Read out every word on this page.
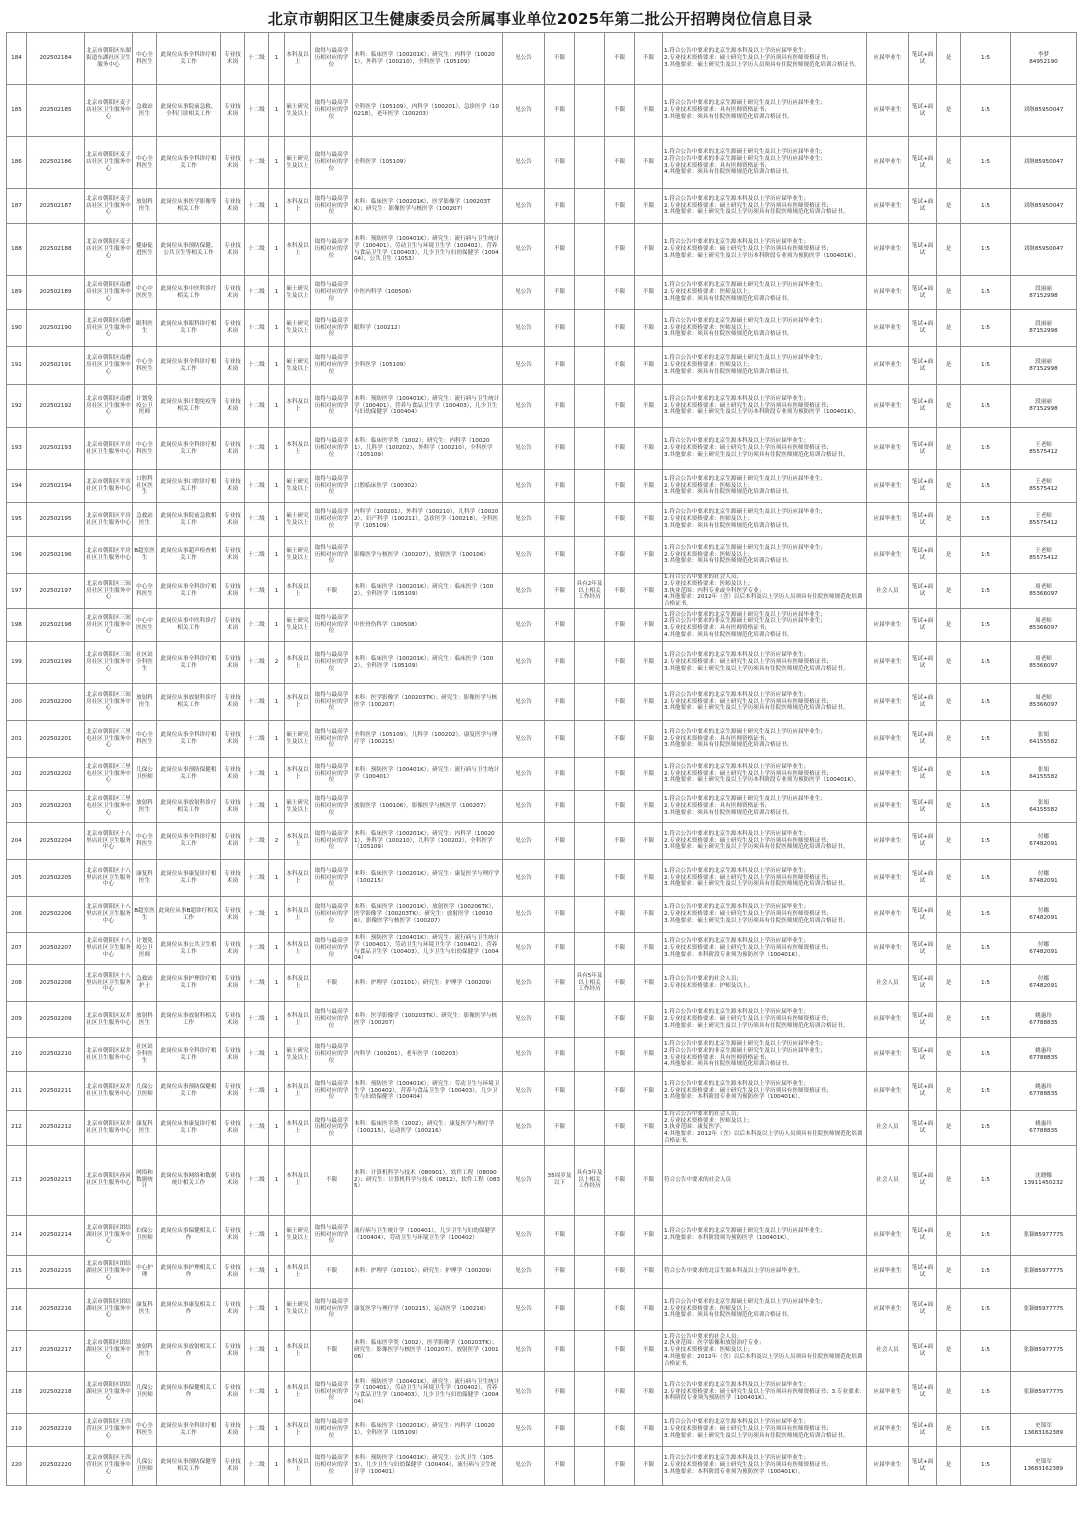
北京市朝阳区卫生健康委员会所属事业单位2025年第二批公开招聘岗位信息目录
184	202502184	北京市朝阳区东湖街道东湖社区卫生服务中心	中心全科医生	此岗位从事全科诊疗相关工作	专业技术岗	十二级	1	本科及以上	取得与最高学历相对应的学位	本科：临床医学（100201K）；研究生：内科学（100201），外科学（100210），全科医学（105109）	见公告	不限		不限	不限	1.符合公告中要求的北京生源本科及以上学历应届毕业生；
2.专业技术资格要求：硕士研究生及以上学历须具有医师资格证书；
3.其他要求：硕士研究生及以上学历人员须具有住院医师规范化培训合格证书。	应届毕业生	笔试+面试	是	1:5	李梦
84952190
185	202502185	北京市朝阳区麦子店社区卫生服务中心	急救站医生	此岗位从事院前急救、全科门诊相关工作	专业技术岗	十二级	1	硕士研究生及以上	取得与最高学历相对应的学位	全科医学（105109），内科学（100201），急诊医学（100218），老年医学（100203）	见公告	不限		不限	不限	1.符合公告中要求的北京生源硕士研究生及以上学历应届毕业生；
2.专业技术资格要求：具有医师资格证书；
3.其他要求：须具有住院医师规范化培训合格证书。	应届毕业生	笔试+面试	是	1:5	刘继85950047
186	202502186	北京市朝阳区麦子店社区卫生服务中心	中心全科医生	此岗位从事全科诊疗相关工作	专业技术岗	十二级	1	硕士研究生及以上	取得与最高学历相对应的学位	全科医学（105109）	见公告	不限		不限	不限	1.符合公告中要求的北京生源硕士研究生及以上学历应届毕业生；
2.符合公告中要求的非京生源硕士研究生及以上学历应届毕业生；
3.专业技术资格要求：具有医师资格证书；
4.其他要求：须具有住院医师规范化培训合格证书。	应届毕业生	笔试+面试	是	1:5	刘继85950047
187	202502187	北京市朝阳区麦子店社区卫生服务中心	放射科医生	此岗位从事医学影像等相关工作	专业技术岗	十二级	1	本科及以上	取得与最高学历相对应的学位	本科：临床医学（100201K），医学影像学（100203TK）；研究生：影像医学与核医学（100207）	见公告	不限		不限	不限	1.符合公告中要求的北京生源本科及以上学历应届毕业生；
2.专业技术资格要求：硕士研究生及以上学历须具有医师资格证书；
3.其他要求：硕士研究生及以上学历须具有住院医师规范化培训合格证书。	应届毕业生	笔试+面试	是	1:5	刘继85950047
188	202502188	北京市朝阳区麦子店社区卫生服务中心	健康促进医生	此岗位从事预防保健、公共卫生等相关工作	专业技术岗	十二级	1	本科及以上	取得与最高学历相对应的学位	本科：预防医学（100401K）；研究生：流行病与卫生统计学（100401），劳动卫生与环境卫生学（100402），营养与食品卫生学（100403），儿少卫生与妇幼保健学（100404），公共卫生（1053）	见公告	不限		不限	不限	1.符合公告中要求的北京生源本科及以上学历应届毕业生；
2.专业技术资格要求：硕士研究生及以上学历须具有医师资格证书；
3.其他要求：硕士研究生及以上学历本科阶段专业须为预防医学（100401K）。	应届毕业生	笔试+面试	是	1:5	刘继85950047
189	202502189	北京市朝阳区南磨房社区卫生服务中心	中心中医医生	此岗位从事中医科诊疗相关工作	专业技术岗	十二级	1	硕士研究生及以上	取得与最高学历相对应的学位	中医内科学（100506）	见公告	不限		不限	不限	1.符合公告中要求的北京生源硕士研究生及以上学历应届毕业生；
2.专业技术资格要求：医师及以上；
3.其他要求：须具有住院医师规范化培训合格证书。	应届毕业生	笔试+面试	是	1:5	段丽丽
87152998
190	202502190	北京市朝阳区南磨房社区卫生服务中心	眼科医生	此岗位从事眼科诊疗相关工作	专业技术岗	十二级	1	硕士研究生及以上	取得与最高学历相对应的学位	眼科学（100212）	见公告	不限		不限	不限	1.符合公告中要求的北京生源硕士研究生及以上学历应届毕业生；
2.专业技术资格要求：医师及以上；
3.其他要求：须具有住院医师规范化培训合格证书。	应届毕业生	笔试+面试	是	1:5	段丽丽
87152998
191	202502191	北京市朝阳区南磨房社区卫生服务中心	中心全科医生	此岗位从事全科诊疗相关工作	专业技术岗	十二级	1	硕士研究生及以上	取得与最高学历相对应的学位	全科医学（105109）	见公告	不限		不限	不限	1.符合公告中要求的北京生源硕士研究生及以上学历应届毕业生；
2.专业技术资格要求：医师及以上；
3.其他要求：须具有住院医师规范化培训合格证书。	应届毕业生	笔试+面试	是	1:5	段丽丽
87152998
192	202502192	北京市朝阳区南磨房社区卫生服务中心	计划免疫公卫医师	此岗位从事计划免疫等相关工作	专业技术岗	十二级	1	本科及以上	取得与最高学历相对应的学位	本科：预防医学（100401K）；研究生：流行病与卫生统计学（100401），营养与食品卫生学（100403），儿少卫生与妇幼保健学（100404）	见公告	不限		不限	不限	1.符合公告中要求的北京生源本科及以上学历应届毕业生；
2.专业技术资格要求：硕士研究生及以上学历须具有医师资格证书；
3.其他要求：硕士研究生及以上学历本科阶段专业须为预防医学（100401K）。	应届毕业生	笔试+面试	是	1:5	段丽丽
87152998
193	202502193	北京市朝阳区平房社区卫生服务中心	中心全科医生	此岗位从事全科诊疗相关工作	专业技术岗	十二级	1	本科及以上	取得与最高学历相对应的学位	本科：临床医学类（1002）；研究生：内科学（100201），儿科学（100202），外科学（100210），全科医学（105109）	见公告	不限		不限	不限	1.符合公告中要求的北京生源本科及以上学历应届毕业生；
2.专业技术资格要求：硕士研究生及以上学历须具有医师资格证书；
3.其他要求：硕士研究生及以上学历须具有住院医师规范化培训合格证书。	应届毕业生	笔试+面试	是	1:5	王老师
85575412
194	202502194	北京市朝阳区平房社区卫生服务中心	口腔科社区医生	此岗位从事口腔诊疗相关工作	专业技术岗	十二级	1	硕士研究生及以上	取得与最高学历相对应的学位	口腔临床医学（100302）	见公告	不限		不限	不限	1.符合公告中要求的北京生源硕士研究生及以上学历应届毕业生；
2.专业技术资格要求：医师及以上；
3.其他要求：须具有住院医师规范化培训合格证书。	应届毕业生	笔试+面试	是	1:5	王老师
85575412
195	202502195	北京市朝阳区平房社区卫生服务中心	急救站医生	此岗位从事院前急救相关工作	专业技术岗	十二级	1	硕士研究生及以上	取得与最高学历相对应的学位	内科学（100201），外科学（100210），儿科学（100202），妇产科学（100211），急诊医学（100218），全科医学（105109）	见公告	不限		不限	不限	1.符合公告中要求的北京生源硕士研究生及以上学历应届毕业生；
2.专业技术资格要求：医师及以上；
3.其他要求：须具有住院医师规范化培训合格证书。	应届毕业生	笔试+面试	是	1:5	王老师
85575412
196	202502196	北京市朝阳区平房社区卫生服务中心	B超室医生	此岗位从事超声检查相关工作	专业技术岗	十二级	1	硕士研究生及以上	取得与最高学历相对应的学位	影像医学与核医学（100207），放射医学（100106）	见公告	不限		不限	不限	1.符合公告中要求的北京生源硕士研究生及以上学历应届毕业生；
2.专业技术资格要求：医师及以上；
3.其他要求：须具有住院医师规范化培训合格证书。	应届毕业生	笔试+面试	是	1:5	王老师
85575412
197	202502197	北京市朝阳区三间房社区卫生服务中心	中心全科医生	此岗位从事全科诊疗相关工作	专业技术岗	十二级	1	本科及以上	不限	本科：临床医学（100201K）；研究生：临床医学（1002），全科医学（105109）	见公告	不限	具有2年及以上相关工作经历	不限	不限	1.符合公告中要求的社会人员；
2.专业技术资格要求：医师及以上；
3.执业范围：内科专业或全科医学专业；
4.其他要求：2012年（含）以后本科及以上学历人员须具有住院医师规范化培训合格证书。	社会人员	笔试+面试	是	1:5	周老师
85366097
198	202502198	北京市朝阳区三间房社区卫生服务中心	中心中医医生	此岗位从事中医科诊疗相关工作	专业技术岗	十二级	1	硕士研究生及以上	取得与最高学历相对应的学位	中医骨伤科学（100508）	见公告	不限		不限	不限	1.符合公告中要求的北京生源硕士研究生及以上学历应届毕业生；
2.符合公告中要求的非京生源硕士研究生及以上学历应届毕业生；
3.专业技术资格要求：具有医师资格证书；
4.其他要求：须具有住院医师规范化培训合格证书。	应届毕业生	笔试+面试	是	1:5	周老师
85366097
199	202502199	北京市朝阳区三间房社区卫生服务中心	社区站全科医生	此岗位从事全科诊疗相关工作	专业技术岗	十二级	2	本科及以上	取得与最高学历相对应的学位	本科：临床医学（100201K）；研究生：临床医学（1002），全科医学（105109）	见公告	不限		不限	不限	1.符合公告中要求的北京生源本科及以上学历应届毕业生；
2.专业技术资格要求：硕士研究生及以上学历须具有医师资格证书；
3.其他要求：硕士研究生及以上学历须具有住院医师规范化培训合格证书。	应届毕业生	笔试+面试	是	1:5	周老师
85366097
200	202502200	北京市朝阳区三间房社区卫生服务中心	放射科医生	此岗位从事放射科诊疗相关工作	专业技术岗	十二级	1	本科及以上	取得与最高学历相对应的学位	本科：医学影像学（100203TK）；研究生：影像医学与核医学（100207）	见公告	不限		不限	不限	1.符合公告中要求的北京生源本科及以上学历应届毕业生；
2.专业技术资格要求：硕士研究生及以上学历须具有医师资格证书；
3.其他要求：硕士研究生及以上学历须具有住院医师规范化培训合格证书。	应届毕业生	笔试+面试	是	1:5	周老师
85366097
201	202502201	北京市朝阳区三里屯社区卫生服务中心	中心全科医生	此岗位从事全科诊疗相关工作	专业技术岗	十二级	1	硕士研究生及以上	取得与最高学历相对应的学位	全科医学（105109），儿科学（100202），康复医学与理疗学（100215）	见公告	不限		不限	不限	1.符合公告中要求的北京生源硕士研究生及以上学历应届毕业生；
2.专业技术资格要求：具有医师资格证书；
3.其他要求：须具有住院医师规范化培训合格证书。	应届毕业生	笔试+面试	是	1:5	张娟
64155582
202	202502202	北京市朝阳区三里屯社区卫生服务中心	儿保公卫医师	此岗位从事预防保健相关工作	专业技术岗	十二级	1	本科及以上	取得与最高学历相对应的学位	本科：预防医学（100401K）；研究生：流行病与卫生统计学（100401）	见公告	不限		不限	不限	1.符合公告中要求的北京生源本科及以上学历应届毕业生；
2.专业技术资格要求：硕士研究生及以上学历须具有医师资格证书；
3.其他要求：硕士研究生及以上学历本科阶段专业须为预防医学（100401K）。	应届毕业生	笔试+面试	是	1:5	张娟
64155582
203	202502203	北京市朝阳区三里屯社区卫生服务中心	放射科医生	此岗位从事放射科诊疗相关工作	专业技术岗	十二级	1	硕士研究生及以上	取得与最高学历相对应的学位	放射医学（100106），影像医学与核医学（100207）	见公告	不限		不限	不限	1.符合公告中要求的北京生源硕士研究生及以上学历应届毕业生；
2.专业技术资格要求：具有医师资格证书；
3.其他要求：须具有住院医师规范化培训合格证书。	应届毕业生	笔试+面试	是	1:5	张娟
64155582
204	202502204	北京市朝阳区十八里店社区卫生服务中心	中心全科医生	此岗位从事全科诊疗相关工作	专业技术岗	十二级	2	本科及以上	取得与最高学历相对应的学位	本科：临床医学（100201K）；研究生：内科学（100201），外科学（100210），儿科学（100202），全科医学（105109）	见公告	不限		不限	不限	1.符合公告中要求的北京生源本科及以上学历应届毕业生；
2.专业技术资格要求：硕士研究生及以上学历须具有医师资格证书；
3.其他要求：硕士研究生及以上学历须具有住院医师规范化培训合格证书。	应届毕业生	笔试+面试	是	1:5	付娜
67482091
205	202502205	北京市朝阳区十八里店社区卫生服务中心	康复科医生	此岗位从事康复诊疗相关工作	专业技术岗	十二级	1	本科及以上	取得与最高学历相对应的学位	本科：临床医学（100201K）；研究生：康复医学与理疗学（100215）	见公告	不限		不限	不限	1.符合公告中要求的北京生源本科及以上学历应届毕业生；
2.专业技术资格要求：硕士研究生及以上学历须具有医师资格证书；
3.其他要求：硕士研究生及以上学历须具有住院医师规范化培训合格证书。	应届毕业生	笔试+面试	是	1:5	付娜
67482091
206	202502206	北京市朝阳区十八里店社区卫生服务中心	B超室医生	此岗位从事B超诊疗相关工作	专业技术岗	十二级	1	本科及以上	取得与最高学历相对应的学位	本科：临床医学（100201K），放射医学（100206TK），医学影像学（100203TK）；研究生：放射医学（100106），影像医学与核医学（100207）	见公告	不限		不限	不限	1.符合公告中要求的北京生源本科及以上学历应届毕业生；
2.专业技术资格要求：硕士研究生及以上学历须具有医师资格证书；
3.其他要求：硕士研究生及以上学历须具有住院医师规范化培训合格证书。	应届毕业生	笔试+面试	是	1:5	付娜
67482091
207	202502207	北京市朝阳区十八里店社区卫生服务中心	计划免疫公卫医师	此岗位从事公共卫生相关工作	专业技术岗	十二级	1	本科及以上	取得与最高学历相对应的学位	本科：预防医学（100401K）；研究生：流行病与卫生统计学（100401），劳动卫生与环境卫生学（100402），营养与食品卫生学（100403），儿少卫生与妇幼保健学（100404）	见公告	不限		不限	不限	1.符合公告中要求的北京生源本科及以上学历应届毕业生；
2.专业技术资格要求：硕士研究生及以上学历须具有医师资格证书；
3.其他要求：本科阶段专业须为预防医学（100401K）。	应届毕业生	笔试+面试	是	1:5	付娜
67482091
208	202502208	北京市朝阳区十八里店社区卫生服务中心	急救站护士	此岗位从事护理诊疗相关工作	专业技术岗	十二级	1	本科及以上	不限	本科：护理学（101101）；研究生：护理学（100209）	见公告	不限	具有5年及以上相关工作经历	不限	不限	1.符合公告中要求的社会人员；
2.专业技术资格要求：护师及以上。	社会人员	笔试+面试	是	1:5	付娜
67482091
209	202502209	北京市朝阳区双井社区卫生服务中心	放射科医生	此岗位从事放射科相关工作	专业技术岗	十二级	1	本科及以上	取得与最高学历相对应的学位	本科：医学影像学（100203TK）；研究生：影像医学与核医学（100207）	见公告	不限		不限	不限	1.符合公告中要求的北京生源本科及以上学历应届毕业生；
2.专业技术资格要求：硕士研究生及以上学历须具有医师资格证书；
3.其他要求：硕士研究生及以上学历须具有住院医师规范化培训合格证书。	应届毕业生	笔试+面试	是	1:5	姚惠玲
67788835
210	202502210	北京市朝阳区双井社区卫生服务中心	社区站全科医生	此岗位从事全科诊疗相关工作	专业技术岗	十二级	1	硕士研究生及以上	取得与最高学历相对应的学位	内科学（100201），老年医学（100203）	见公告	不限		不限	不限	1.符合公告中要求的北京生源硕士研究生及以上学历应届毕业生；
2.符合公告中要求的非京生源硕士研究生及以上学历应届毕业生；
3.专业技术资格要求：具有医师资格证书；
4.其他要求：须具有住院医师规范化培训合格证书。	应届毕业生	笔试+面试	是	1:5	姚惠玲
67788835
211	202502211	北京市朝阳区双井社区卫生服务中心	儿保公卫医师	此岗位从事预防保健相关工作	专业技术岗	十二级	1	本科及以上	取得与最高学历相对应的学位	本科：预防医学（100401K）；研究生：劳动卫生与环境卫生学（100402），营养与食品卫生学（100403），儿少卫生与妇幼保健学（100404）	见公告	不限		不限	不限	1.符合公告中要求的北京生源本科及以上学历应届毕业生；
2.专业技术资格要求：硕士研究生及以上学历须具有医师资格证书；
3.其他要求：本科阶段专业须为预防医学（100401K）。	应届毕业生	笔试+面试	是	1:5	姚惠玲
67788835
212	202502212	北京市朝阳区双井社区卫生服务中心	康复科医生	此岗位从事康复诊疗相关工作	专业技术岗	十二级	1	本科及以上	取得与最高学历相对应的学位	本科：临床医学类（1002）；研究生：康复医学与理疗学（100215），运动医学（100216）	见公告	不限		不限	不限	1.符合公告中要求的社会人员；
2.专业技术资格要求：医师及以上；
3.执业范围：康复医学；
4.其他要求：2012年（含）以后本科及以上学历人员须具有住院医师规范化培训合格证书。	社会人员	笔试+面试	是	1:5	姚惠玲
67788835
213	202502213	北京市朝阳区孙河社区卫生服务中心	网络和数据统计	此岗位从事网络和数据统计相关工作	专业技术岗	十二级	1	本科及以上	不限	本科：计算机科学与技术（080901），软件工程（080902）；研究生：计算机科学与技术（0812），软件工程（0835）	见公告	35周岁及以下	具有3年及以上相关工作经历	不限	不限	符合公告中要求的社会人员	社会人员	笔试+面试	是	1:5	沈晓娜
13911450232
214	202502214	北京市朝阳区团结湖社区卫生服务中心	妇保公卫医师	此岗位从事保健相关工作	专业技术岗	十二级	1	硕士研究生及以上	取得与最高学历相对应的学位	流行病与卫生统计学（100401），儿少卫生与妇幼保健学（100404），劳动卫生与环境卫生学（100402）	见公告	不限		不限	不限	1.符合公告中要求的北京生源硕士研究生及以上学历应届毕业生；
2.其他要求：本科阶段须为预防医学（100401K）。	应届毕业生	笔试+面试	是	1:5	张颖85977775
215	202502215	北京市朝阳区团结湖社区卫生服务中心	中心护理	此岗位从事护理相关工作	专业技术岗	十二级	1	本科及以上	不限	本科：护理学（101101）；研究生：护理学（100209）	见公告	不限		不限	不限	符合公告中要求的北京生源本科及以上学历应届毕业生。	应届毕业生	笔试+面试	是	1:5	张颖85977775
216	202502216	北京市朝阳区团结湖社区卫生服务中心	康复科医生	此岗位从事康复相关工作	专业技术岗	十二级	1	硕士研究生及以上	取得与最高学历相对应的学位	康复医学与理疗学（100215），运动医学（100216）	见公告	不限		不限	不限	1.符合公告中要求的北京生源硕士研究生及以上学历应届毕业生；
2.专业技术资格要求：医师及以上；
3.其他要求：须具有住院医师规范化培训合格证书。	应届毕业生	笔试+面试	是	1:5	张颖85977775
217	202502217	北京市朝阳区团结湖社区卫生服务中心	放射科医生	此岗位从事放射相关工作	专业技术岗	十二级	1	本科及以上	不限	本科：临床医学类（1002），医学影像学（100203TK）；研究生：影像医学与核医学（100207），放射医学（100106）	见公告	不限		不限	不限	1.符合公告中要求的社会人员；
2.执业范围：医学影像和放射治疗专业；
3.专业技术资格要求：医师及以上；
4.其他要求：2012年（含）以后本科及以上学历人员须具有住院医师规范化培训合格证书。	社会人员	笔试+面试	是	1:5	张颖85977775
218	202502218	北京市朝阳区团结湖社区卫生服务中心	儿保公卫医师	此岗位从事保健相关工作	专业技术岗	十二级	1	本科及以上	取得与最高学历相对应的学位	本科：预防医学（100401K）；研究生：流行病与卫生统计学（100401），劳动卫生与环境卫生学（100402），营养与食品卫生学（100403），儿少卫生与妇幼保健学（100404）	见公告	不限		不限	不限	1.符合公告中要求的北京生源本科及以上学历应届毕业生；
2.专业技术资格要求：硕士研究生及以上学历须具有医师资格证书；3.专业要求：本科阶段专业须为预防医学（100401K）。	应届毕业生	笔试+面试	是	1:5	张颖85977775
219	202502219	北京市朝阳区王四营社区卫生服务中心	中心全科医生	此岗位从事全科诊疗相关工作	专业技术岗	十二级	1	本科及以上	取得与最高学历相对应的学位	本科：临床医学（100201K）；研究生：内科学（100201），全科医学（105109）	见公告	不限		不限	不限	1.符合公告中要求的北京生源本科及以上学历应届毕业生；
2.专业技术资格要求：硕士研究生及以上学历须具有医师资格证书；
3.其他要求：硕士研究生及以上学历须具有住院医师规范化培训合格证书。	应届毕业生	笔试+面试	是	1:5	史锦军
13683162389
220	202502220	北京市朝阳区王四营社区卫生服务中心	儿保公卫医师	此岗位从事预防保健等相关工作	专业技术岗	十二级	1	本科及以上	取得与最高学历相对应的学位	本科：预防医学（100401K）；研究生：公共卫生（1053），儿少卫生与妇幼保健学（100404），流行病与卫生统计学（100401）	见公告	不限		不限	不限	1.符合公告中要求的北京生源本科及以上学历应届毕业生；
2.专业技术资格要求：硕士研究生及以上学历须具有医师资格证书；
3.其他要求：本科阶段专业须为预防医学（100401K）。	应届毕业生	笔试+面试	是	1:5	史锦军
13683162389
